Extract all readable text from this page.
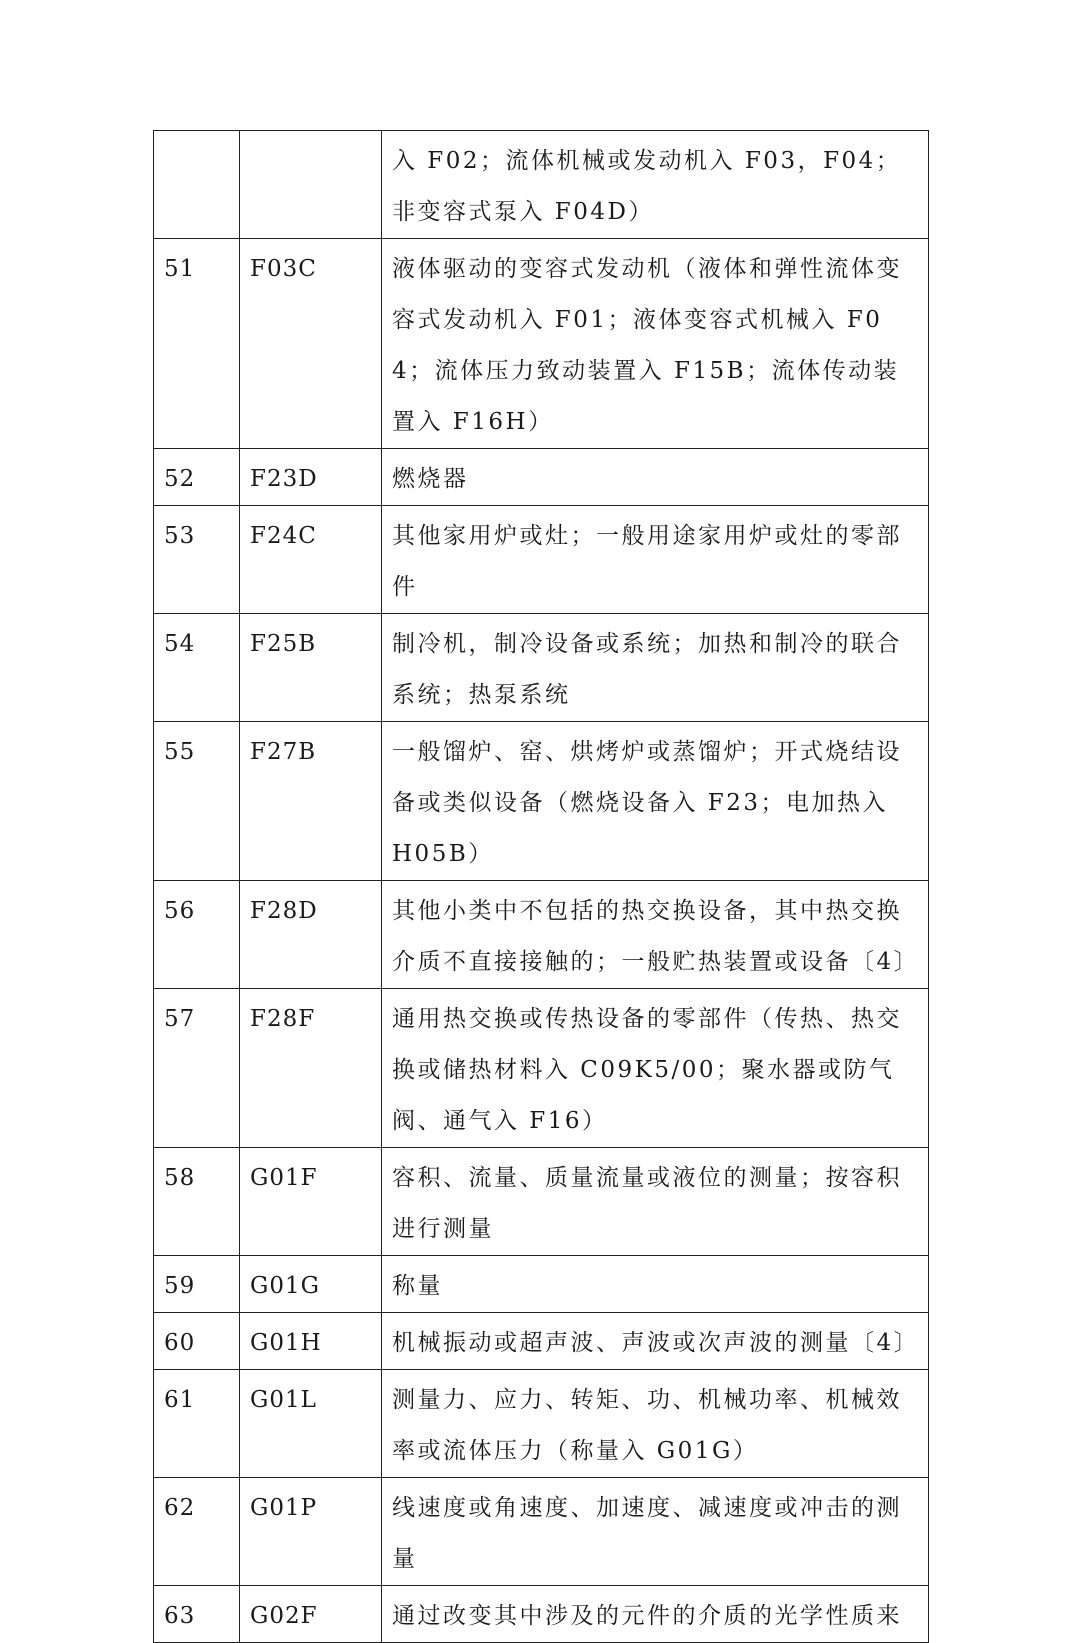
		入 F02；流体机械或发动机入 F03，F04；非变容式泵入 F04D）
51	F03C	液体驱动的变容式发动机（液体和弹性流体变容式发动机入 F01；液体变容式机械入 F04；流体压力致动装置入 F15B；流体传动装置入 F16H）
52	F23D	燃烧器
53	F24C	其他家用炉或灶；一般用途家用炉或灶的零部件
54	F25B	制冷机，制冷设备或系统；加热和制冷的联合系统；热泵系统
55	F27B	一般馏炉、窑、烘烤炉或蒸馏炉；开式烧结设备或类似设备（燃烧设备入 F23；电加热入 H05B）
56	F28D	其他小类中不包括的热交换设备，其中热交换介质不直接接触的；一般贮热装置或设备〔4〕
57	F28F	通用热交换或传热设备的零部件（传热、热交换或储热材料入 C09K5/00；聚水器或防气阀、通气入 F16）
58	G01F	容积、流量、质量流量或液位的测量；按容积进行测量
59	G01G	称量
60	G01H	机械振动或超声波、声波或次声波的测量〔4〕
61	G01L	测量力、应力、转矩、功、机械功率、机械效率或流体压力（称量入 G01G）
62	G01P	线速度或角速度、加速度、减速度或冲击的测量
63	G02F	通过改变其中涉及的元件的介质的光学性质来
